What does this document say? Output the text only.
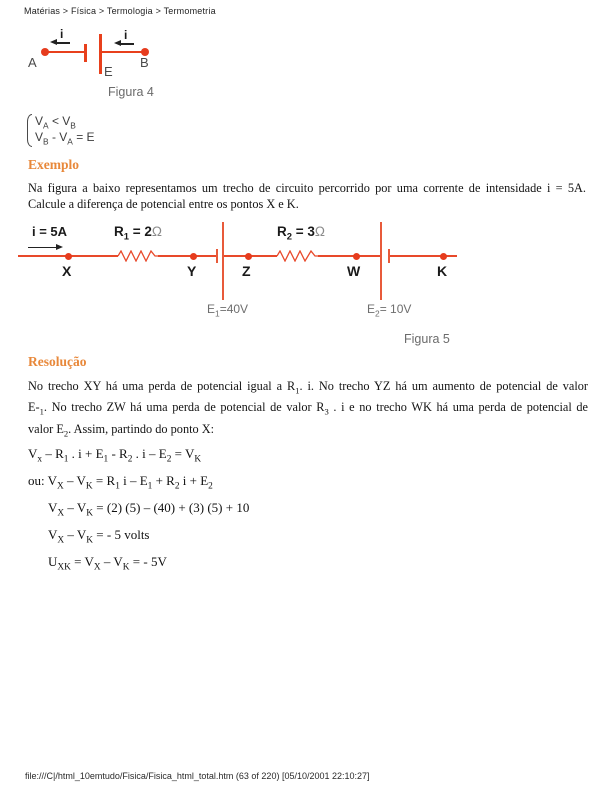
Matérias > Física > Termologia > Termometria
i	i
A	B
E
Figura 4
$V_A < V_B$
$V_B - V_A = E$
Exemplo
Na figura a baixo representamos um trecho de circuito percorrido por uma corrente de intensidade i = 5A.
Calcule a diferença de potencial entre os pontos X e K.
i = 5A	$R_1 = 2\Omega$	$R_2 = 3\Omega$
X	Y	Z	W	K
$E_1=40V$	$E_2= 10V$
Figura 5
Resolução
No trecho XY há uma perda de potencial igual a $R_1$. i. No trecho YZ há um aumento de potencial de valor
$E-_1$. No trecho ZW há uma perda de potencial de valor $R_3$ . i e no trecho WK há uma perda de potencial de
valor $E_2$. Assim, partindo do ponto X:
$V_x - R_1$ . $i + E_1 - R_2$ . $i - E_2 = V_K$
ou: $V_X - V_K = R_1$ $i - E_1 + R_2$ $i + E_2$
$V_X - V_K = (2)$ (5) – (40) + (3) (5) + 10
$V_X - V_K$ = - 5 volts
$U_{XK} = V_X - V_K$ = - 5V
file:///C|/html_10emtudo/Fisica/Fisica_html_total.htm (63 of 220) [05/10/2001 22:10:27]
